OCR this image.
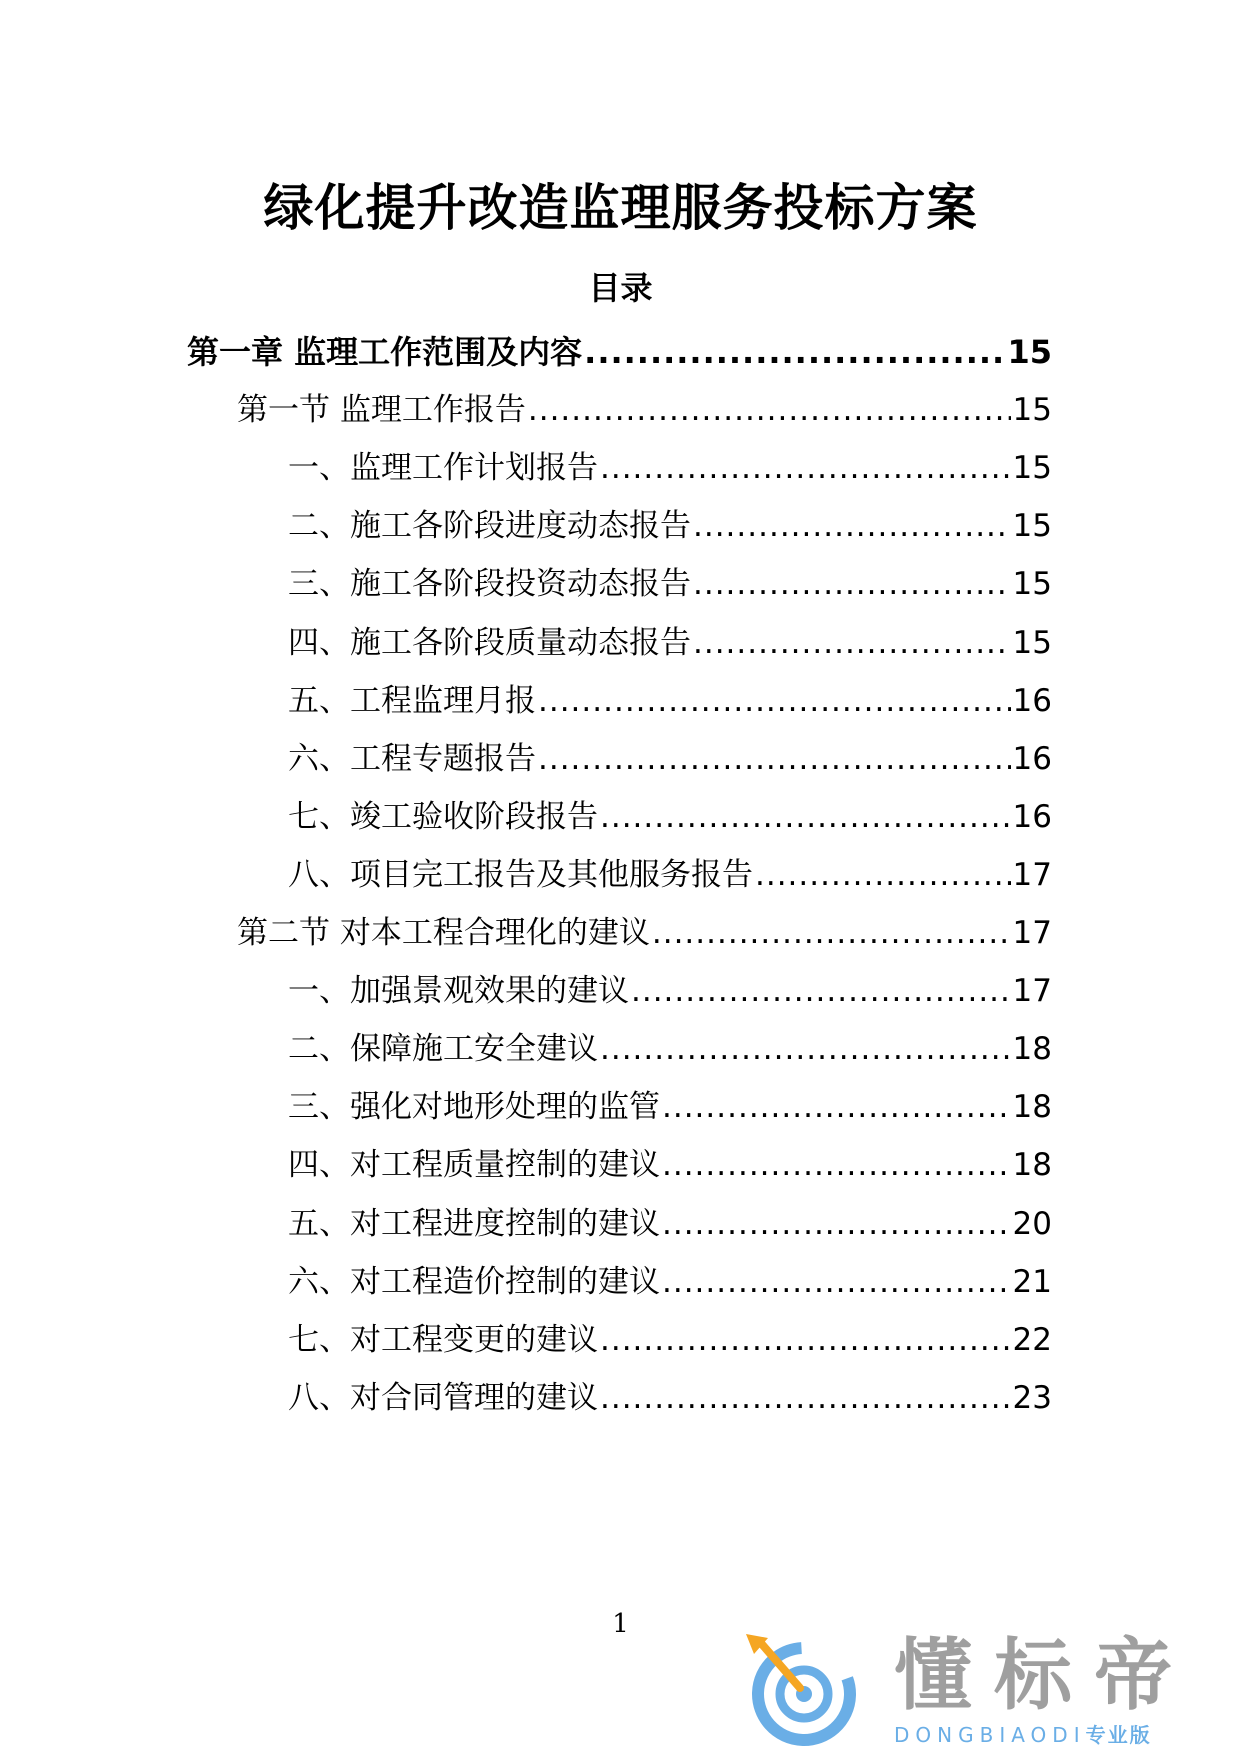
绿化提升改造监理服务投标方案
目录
第一章 监理工作范围及内容 .....	15
第一节 监理工作报告 .....	15
一、监理工作计划报告 .....	15
二、施工各阶段进度动态报告 .....	15
三、施工各阶段投资动态报告 .....	15
四、施工各阶段质量动态报告 .....	15
五、工程监理月报 .....	16
六、工程专题报告 .....	16
七、竣工验收阶段报告 .....	16
八、项目完工报告及其他服务报告 .....	17
第二节 对本工程合理化的建议 .....	17
一、加强景观效果的建议 .....	17
二、保障施工安全建议 .....	18
三、强化对地形处理的监管 .....	18
四、对工程质量控制的建议 .....	18
五、对工程进度控制的建议 .....	20
六、对工程造价控制的建议 .....	21
七、对工程变更的建议 .....	22
八、对合同管理的建议 .....	23
1
懂标帝
DONGBIAODI专业版
